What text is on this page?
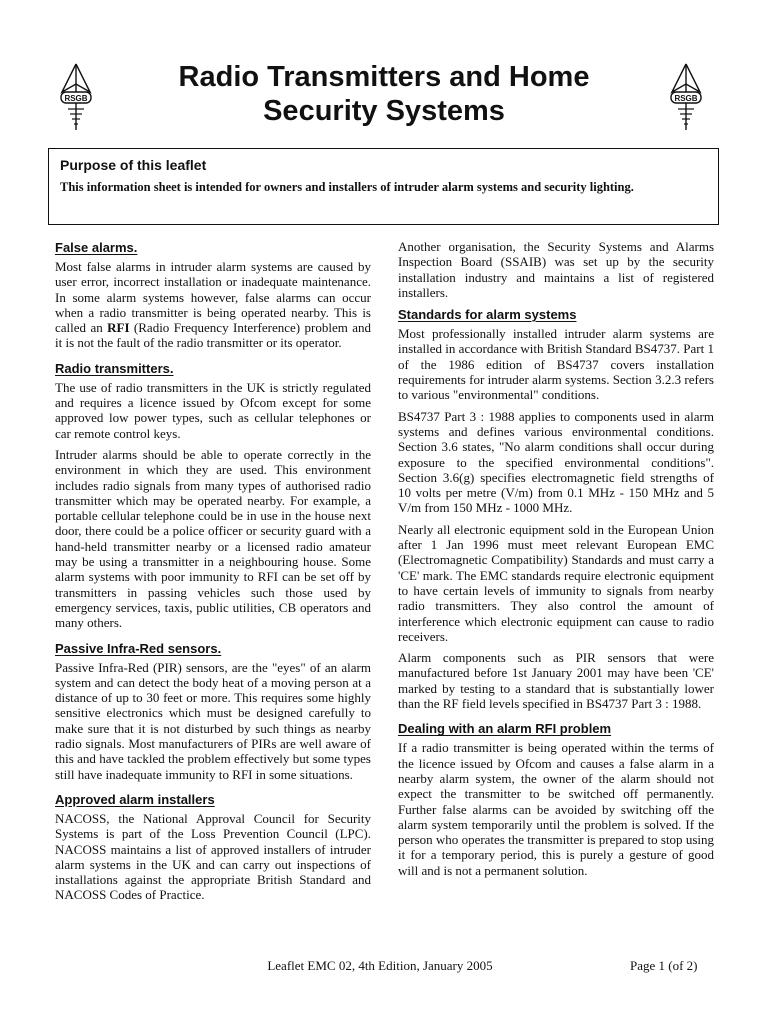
RSGB	RSGB
Radio Transmitters and Home
Security Systems
Purpose of this leaflet

This information sheet is intended for owners and installers of intruder alarm systems and security lighting.

False alarms.

Most false alarms in intruder alarm systems are caused by user error, incorrect installation or inadequate maintenance. In some alarm systems however, false alarms can occur when a radio transmitter is being operated nearby. This is called an RFI (Radio Frequency Interference) problem and it is not the fault of the radio transmitter or its operator.

Radio transmitters.

The use of radio transmitters in the UK is strictly regulated and requires a licence issued by Ofcom except for some approved low power types, such as cellular telephones or car remote control keys.

Intruder alarms should be able to operate correctly in the environment in which they are used. This environment includes radio signals from many types of authorised radio transmitter which may be operated nearby. For example, a portable cellular telephone could be in use in the house next door, there could be a police officer or security guard with a hand-held transmitter nearby or a licensed radio amateur may be using a transmitter in a neighbouring house. Some alarm systems with poor immunity to RFI can be set off by transmitters in passing vehicles such those used by emergency services, taxis, public utilities, CB operators and many others.

Passive Infra-Red sensors.

Passive Infra-Red (PIR) sensors, are the "eyes" of an alarm system and can detect the body heat of a moving person at a distance of up to 30 feet or more. This requires some highly sensitive electronics which must be designed carefully to make sure that it is not disturbed by such things as nearby radio signals. Most manufacturers of PIRs are well aware of this and have tackled the problem effectively but some types still have inadequate immunity to RFI in some situations.

Approved alarm installers

NACOSS, the National Approval Council for Security Systems is part of the Loss Prevention Council (LPC). NACOSS maintains a list of approved installers of intruder alarm systems in the UK and can carry out inspections of installations against the appropriate British Standard and NACOSS Codes of Practice.

Another organisation, the Security Systems and Alarms Inspection Board (SSAIB) was set up by the security installation industry and maintains a list of registered installers.

Standards for alarm systems

Most professionally installed intruder alarm systems are installed in accordance with British Standard BS4737. Part 1 of the 1986 edition of BS4737 covers installation requirements for intruder alarm systems. Section 3.2.3 refers to various "environmental" conditions.

BS4737 Part 3 : 1988 applies to components used in alarm systems and defines various environmental conditions. Section 3.6 states, "No alarm conditions shall occur during exposure to the specified environmental conditions". Section 3.6(g) specifies electromagnetic field strengths of 10 volts per metre (V/m) from 0.1 MHz - 150 MHz and 5 V/m from 150 MHz - 1000 MHz.

Nearly all electronic equipment sold in the European Union after 1 Jan 1996 must meet relevant European EMC (Electromagnetic Compatibility) Standards and must carry a 'CE' mark. The EMC standards require electronic equipment to have certain levels of immunity to signals from nearby radio transmitters. They also control the amount of interference which electronic equipment can cause to radio receivers.

Alarm components such as PIR sensors that were manufactured before 1st January 2001 may have been 'CE' marked by testing to a standard that is substantially lower than the RF field levels specified in BS4737 Part 3 : 1988.

Dealing with an alarm RFI problem

If a radio transmitter is being operated within the terms of the licence issued by Ofcom and causes a false alarm in a nearby alarm system, the owner of the alarm should not expect the transmitter to be switched off permanently. Further false alarms can be avoided by switching off the alarm system temporarily until the problem is solved. If the person who operates the transmitter is prepared to stop using it for a temporary period, this is purely a gesture of good will and is not a permanent solution.

Leaflet EMC 02, 4th Edition, January 2005	Page 1 (of 2)
